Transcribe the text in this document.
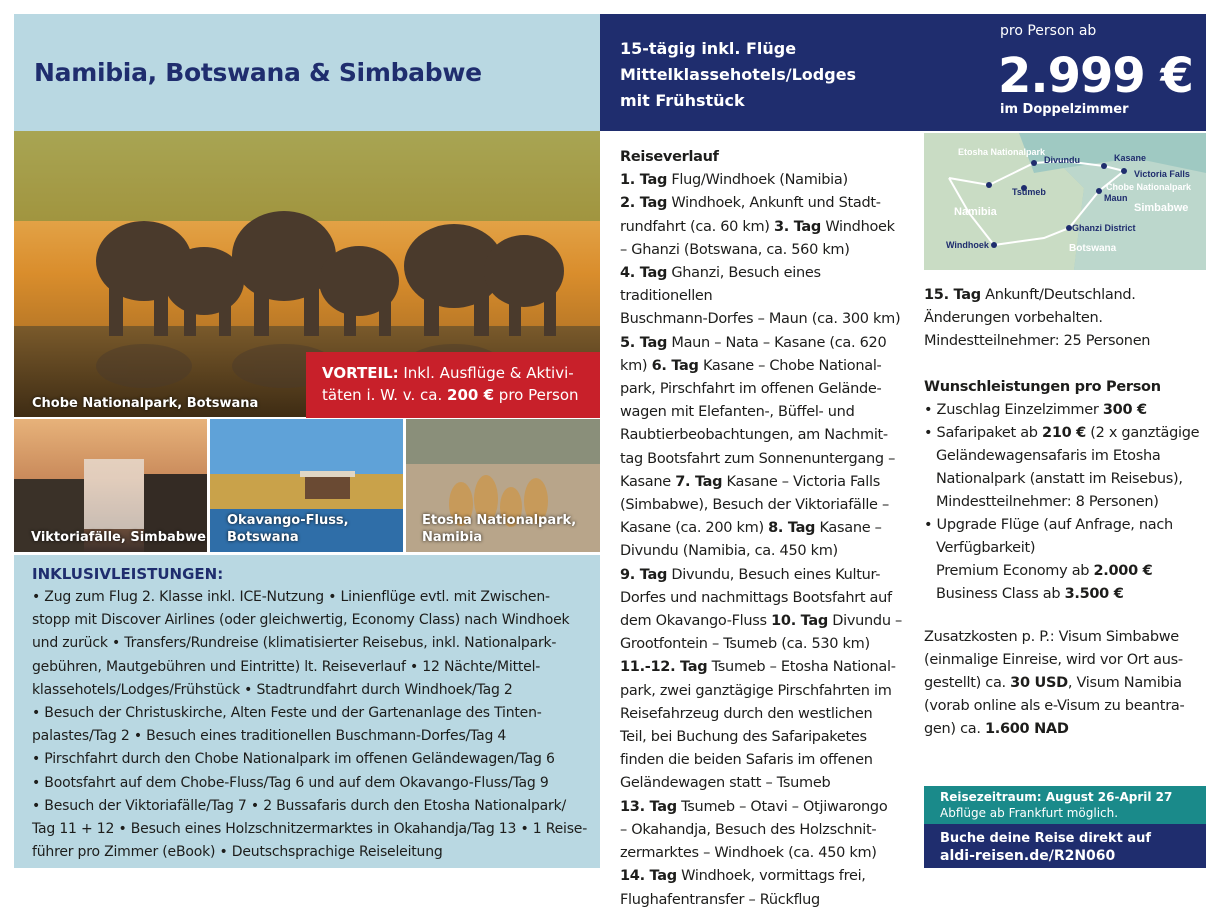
Namibia, Botswana & Simbabwe
Chobe Nationalpark, Botswana
VORTEIL: Inkl. Ausflüge & Aktivi-
täten i. W. v. ca. 200 € pro Person
Viktoriafälle, Simbabwe
Okavango-Fluss,
Botswana
Etosha Nationalpark,
Namibia
INKLUSIVLEISTUNGEN:
• Zug zum Flug 2. Klasse inkl. ICE-Nutzung • Linienflüge evtl. mit Zwischen-
stopp mit Discover Airlines (oder gleichwertig, Economy Class) nach Windhoek
und zurück • Transfers/Rundreise (klimatisierter Reisebus, inkl. Nationalpark-
gebühren, Mautgebühren und Eintritte) lt. Reiseverlauf • 12 Nächte/Mittel-
klassehotels/Lodges/Frühstück • Stadtrundfahrt durch Windhoek/Tag 2
• Besuch der Christuskirche, Alten Feste und der Gartenanlage des Tinten-
palastes/Tag 2 • Besuch eines traditionellen Buschmann-Dorfes/Tag 4
• Pirschfahrt durch den Chobe Nationalpark im offenen Geländewagen/Tag 6
• Bootsfahrt auf dem Chobe-Fluss/Tag 6 und auf dem Okavango-Fluss/Tag 9
• Besuch der Viktoriafälle/Tag 7 • 2 Bussafaris durch den Etosha Nationalpark/
Tag 11 + 12 • Besuch eines Holzschnitzermarktes in Okahandja/Tag 13 • 1 Reise-
führer pro Zimmer (eBook) • Deutschsprachige Reiseleitung
15-tägig inkl. Flüge
Mittelklassehotels/Lodges
mit Frühstück
pro Person ab
2.999 €
im Doppelzimmer
Reiseverlauf
1. Tag Flug/Windhoek (Namibia)
2. Tag Windhoek, Ankunft und Stadt-
rundfahrt (ca. 60 km) 3. Tag Windhoek
– Ghanzi (Botswana, ca. 560 km)
4. Tag Ghanzi, Besuch eines traditionellen
Buschmann-Dorfes – Maun (ca. 300 km)
5. Tag Maun – Nata – Kasane (ca. 620
km) 6. Tag Kasane – Chobe National-
park, Pirschfahrt im offenen Gelände-
wagen mit Elefanten-, Büffel- und
Raubtierbeobachtungen, am Nachmit-
tag Bootsfahrt zum Sonnenuntergang –
Kasane 7. Tag Kasane – Victoria Falls
(Simbabwe), Besuch der Viktoriafälle –
Kasane (ca. 200 km) 8. Tag Kasane –
Divundu (Namibia, ca. 450 km)
9. Tag Divundu, Besuch eines Kultur-
Dorfes und nachmittags Bootsfahrt auf
dem Okavango-Fluss 10. Tag Divundu –
Grootfontein – Tsumeb (ca. 530 km)
11.-12. Tag Tsumeb – Etosha National-
park, zwei ganztägige Pirschfahrten im
Reisefahrzeug durch den westlichen
Teil, bei Buchung des Safaripaketes
finden die beiden Safaris im offenen
Geländewagen statt – Tsumeb
13. Tag Tsumeb – Otavi – Otjiwarongo
– Okahandja, Besuch des Holzschnit-
zermarktes – Windhoek (ca. 450 km)
14. Tag Windhoek, vormittags frei,
Flughafentransfer – Rückflug
Etosha Nationalpark
Divundu	Kasane
Victoria Falls
Chobe Nationalpark
Tsumeb
Maun
Namibia	Simbabwe
Ghanzi District
Windhoek	Botswana
15. Tag Ankunft/Deutschland.
Änderungen vorbehalten.
Mindestteilnehmer: 25 Personen
Wunschleistungen pro Person
• Zuschlag Einzelzimmer 300 €
• Safaripaket ab 210 € (2 x ganztägige
Geländewagensafaris im Etosha
Nationalpark (anstatt im Reisebus),
Mindestteilnehmer: 8 Personen)
• Upgrade Flüge (auf Anfrage, nach
Verfügbarkeit)
Premium Economy ab 2.000 €
Business Class ab 3.500 €
Zusatzkosten p. P.: Visum Simbabwe
(einmalige Einreise, wird vor Ort aus-
gestellt) ca. 30 USD, Visum Namibia
(vorab online als e-Visum zu beantra-
gen) ca. 1.600 NAD
Reisezeitraum: August 26-April 27
Abflüge ab Frankfurt möglich.
Buche deine Reise direkt auf
aldi-reisen.de/R2N060
